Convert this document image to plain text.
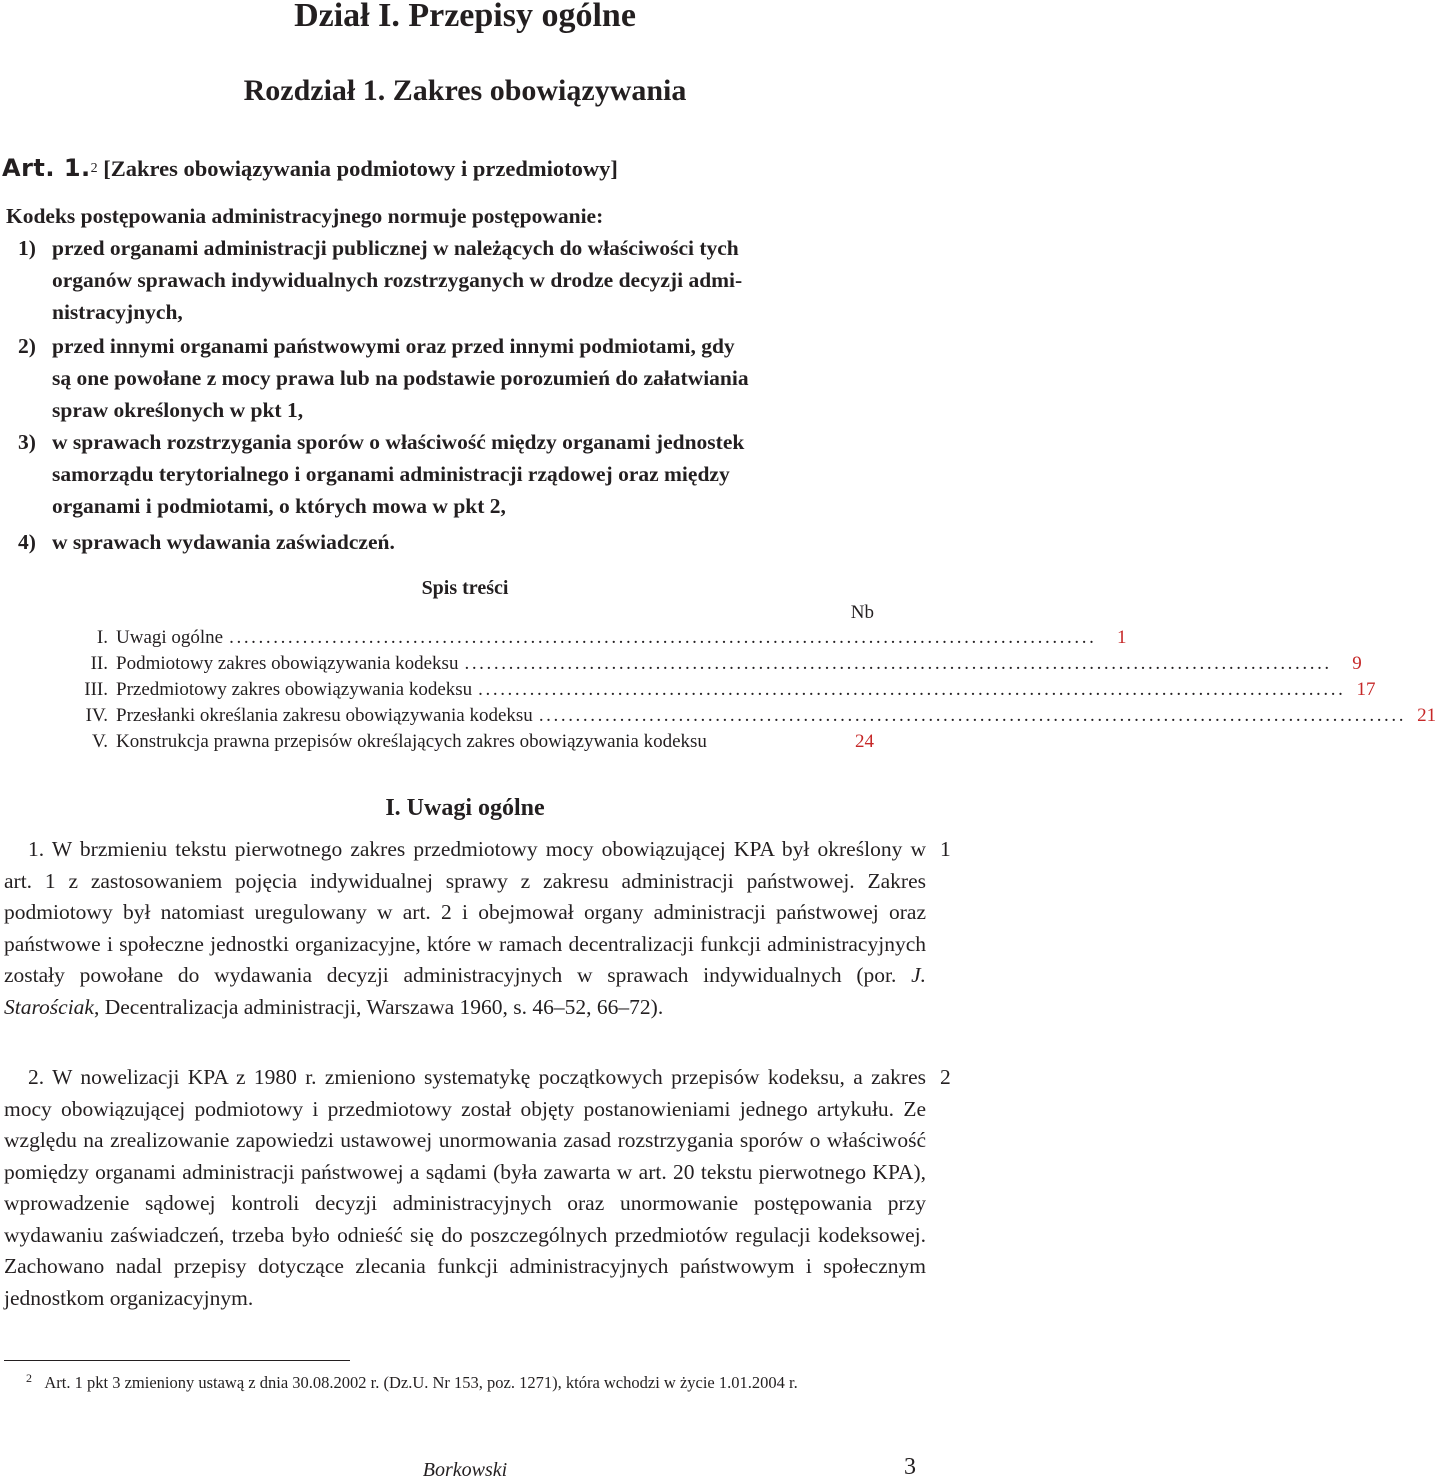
Dział I. Przepisy ogólne
Rozdział 1. Zakres obowiązywania
Art. 1.$^2$ [Zakres obowiązywania podmiotowy i przedmiotowy]
Kodeks postępowania administracyjnego normuje postępowanie:
1) przed organami administracji publicznej w należących do właściwości tych
organów sprawach indywidualnych rozstrzyganych w drodze decyzji admi-
nistracyjnych,
2) przed innymi organami państwowymi oraz przed innymi podmiotami, gdy
są one powołane z mocy prawa lub na podstawie porozumień do załatwiania
spraw określonych w pkt 1,
3) w sprawach rozstrzygania sporów o właściwość między organami jednostek
samorządu terytorialnego i organami administracji rządowej oraz między
organami i podmiotami, o których mowa w pkt 2,
4) w sprawach wydawania zaświadczeń.
Spis treści
Nb
I. Uwagi ogólne ......................................................................................................................	1
II. Podmiotowy zakres obowiązywania kodeksu ......................................................................................................................	9
III. Przedmiotowy zakres obowiązywania kodeksu ...................................................................................................................... 17
IV. Przesłanki określania zakresu obowiązywania kodeksu ...................................................................................................................... 21
V. Konstrukcja prawna przepisów określających zakres obowiązywania kodeksu	24
I. Uwagi ogólne

1. W brzmieniu tekstu pierwotnego zakres przedmiotowy mocy obowiązującej KPA był określony w art. 1 z zastosowaniem pojęcia indywidualnej sprawy z zakresu administracji państwowej. Zakres podmiotowy był natomiast uregulowany w art. 2 i obejmował organy administracji państwowej oraz państwowe i społeczne jednostki organizacyjne, które w ramach decentralizacji funkcji administracyjnych zostały powołane do wydawania decyzji administracyjnych w sprawach indywidualnych (por. J. Starościak, Decentralizacja administracji, Warszawa 1960, s. 46–52, 66–72).

1

2. W nowelizacji KPA z 1980 r. zmieniono systematykę początkowych przepisów kodeksu, a zakres mocy obowiązującej podmiotowy i przedmiotowy został objęty postanowieniami jednego artykułu. Ze względu na zrealizowanie zapowiedzi ustawowej unormowania zasad rozstrzygania sporów o właściwość pomiędzy organami administracji państwowej a sądami (była zawarta w art. 20 tekstu pierwotnego KPA), wprowadzenie sądowej kontroli decyzji administracyjnych oraz unormowanie postępowania przy wydawaniu zaświadczeń, trzeba było odnieść się do poszczególnych przedmiotów regulacji kodeksowej. Zachowano nadal przepisy dotyczące zlecania funkcji administracyjnych państwowym i społecznym jednostkom organizacyjnym.

2
$^2$ Art. 1 pkt 3 zmieniony ustawą z dnia 30.08.2002 r. (Dz.U. Nr 153, poz. 1271), która wchodzi w życie 1.01.2004 r.
Borkowski	3
